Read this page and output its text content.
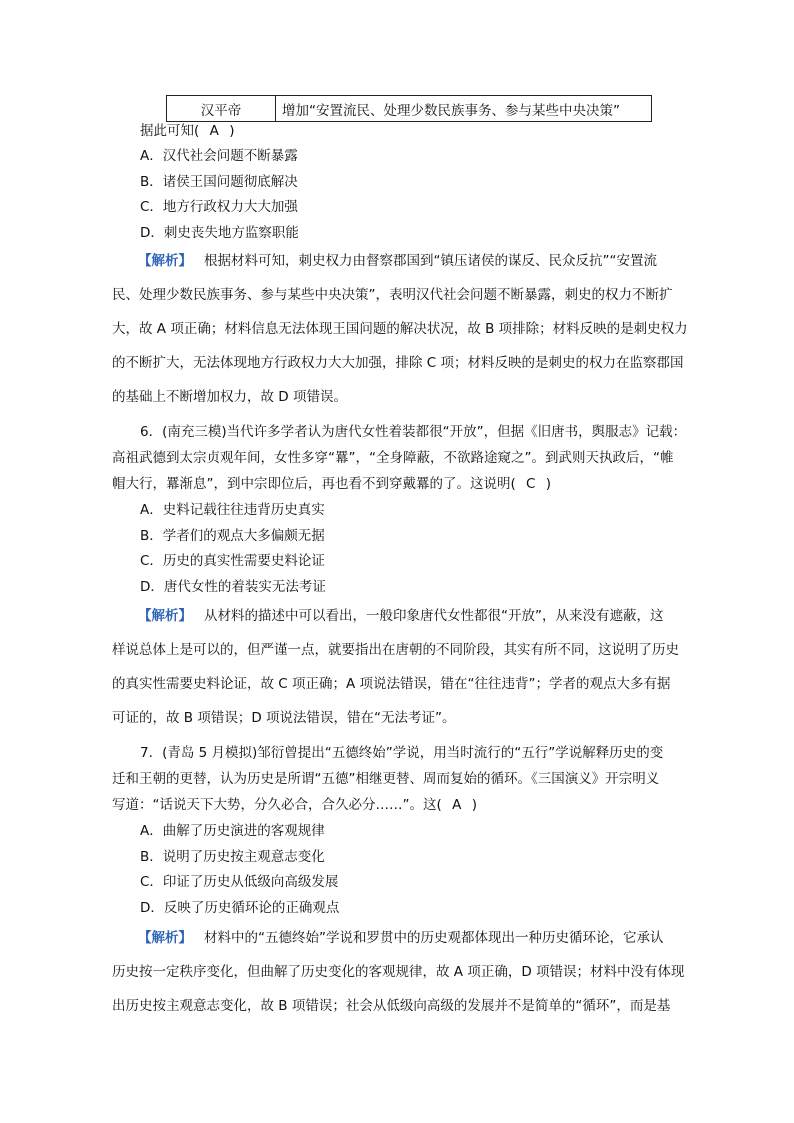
汉平帝	增加“安置流民、处理少数民族事务、参与某些中央决策”
据此可知( A )
A．汉代社会问题不断暴露
B．诸侯王国问题彻底解决
C．地方行政权力大大加强
D．刺史丧失地方监察职能
【解析】 根据材料可知，刺史权力由督察郡国到“镇压诸侯的谋反、民众反抗”“安置流
民、处理少数民族事务、参与某些中央决策”，表明汉代社会问题不断暴露，刺史的权力不断扩
大，故 A 项正确；材料信息无法体现王国问题的解决状况，故 B 项排除；材料反映的是刺史权力
的不断扩大，无法体现地方行政权力大大加强，排除 C 项；材料反映的是刺史的权力在监察郡国
的基础上不断增加权力，故 D 项错误。
6．(南充三模)当代许多学者认为唐代女性着装都很“开放”，但据《旧唐书，舆服志》记载：
高祖武德到太宗贞观年间，女性多穿“羃”，“全身障蔽，不欲路途窥之”。到武则天执政后，“帷
帽大行，羃渐息”，到中宗即位后，再也看不到穿戴羃的了。这说明( C )
A．史料记载往往违背历史真实
B．学者们的观点大多偏颇无据
C．历史的真实性需要史料论证
D．唐代女性的着装实无法考证
【解析】 从材料的描述中可以看出，一般印象唐代女性都很“开放”，从来没有遮蔽，这
样说总体上是可以的，但严谨一点，就要指出在唐朝的不同阶段，其实有所不同，这说明了历史
的真实性需要史料论证，故 C 项正确；A 项说法错误，错在“往往违背”；学者的观点大多有据
可证的，故 B 项错误；D 项说法错误，错在“无法考证”。
7．(青岛 5 月模拟)邹衍曾提出“五德终始”学说，用当时流行的“五行”学说解释历史的变
迁和王朝的更替，认为历史是所谓“五德”相继更替、周而复始的循环。《三国演义》开宗明义
写道：“话说天下大势，分久必合，合久必分……”。这( A )
A．曲解了历史演进的客观规律
B．说明了历史按主观意志变化
C．印证了历史从低级向高级发展
D．反映了历史循环论的正确观点
【解析】 材料中的“五德终始”学说和罗贯中的历史观都体现出一种历史循环论，它承认
历史按一定秩序变化，但曲解了历史变化的客观规律，故 A 项正确，D 项错误；材料中没有体现
出历史按主观意志变化，故 B 项错误；社会从低级向高级的发展并不是简单的“循环”，而是基
